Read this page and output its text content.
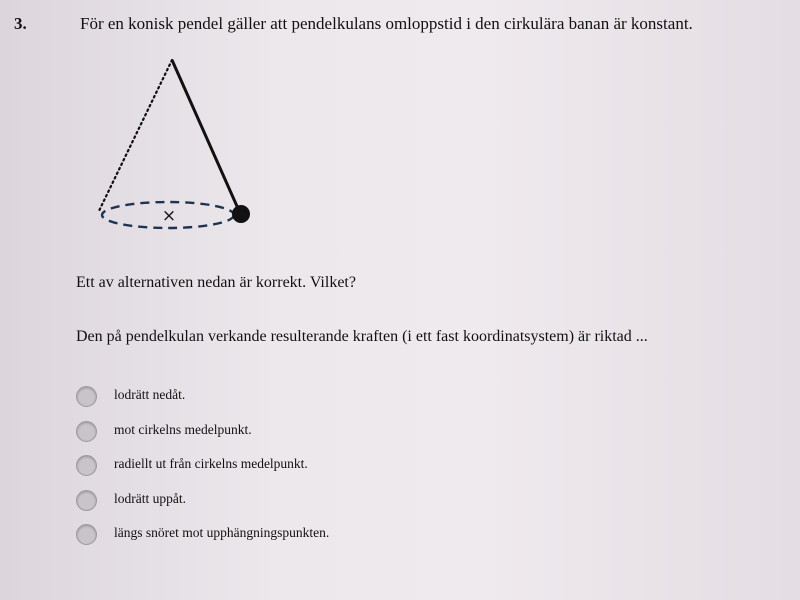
3.	För en konisk pendel gäller att pendelkulans omloppstid i den cirkulära banan är konstant.
×
Ett av alternativen nedan är korrekt. Vilket?
Den på pendelkulan verkande resulterande kraften (i ett fast koordinatsystem) är riktad ...
lodrätt nedåt.
mot cirkelns medelpunkt.
radiellt ut från cirkelns medelpunkt.
lodrätt uppåt.
längs snöret mot upphängningspunkten.
